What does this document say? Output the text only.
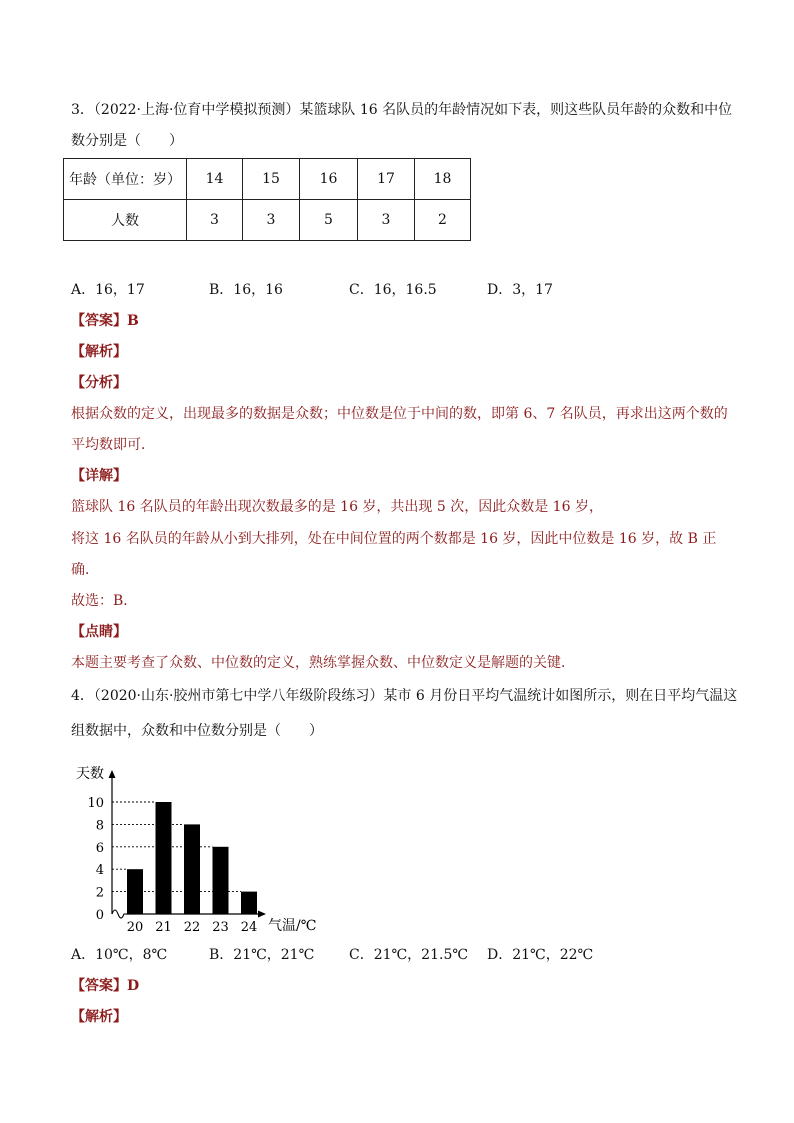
3．（2022·上海·位育中学模拟预测）某篮球队 16 名队员的年龄情况如下表，则这些队员年龄的众数和中位
数分别是（　　）
年龄（单位：岁）	14	15	16	17	18
人数	3	3	5	3	2
A．16，17	B．16，16	C．16，16.5	D．3，17
【答案】B
【解析】
【分析】
根据众数的定义，出现最多的数据是众数；中位数是位于中间的数，即第 6、7 名队员，再求出这两个数的
平均数即可．
【详解】
篮球队 16 名队员的年龄出现次数最多的是 16 岁，共出现 5 次，因此众数是 16 岁，
将这 16 名队员的年龄从小到大排列，处在中间位置的两个数都是 16 岁，因此中位数是 16 岁，故 B 正
确．
故选：B．
【点睛】
本题主要考查了众数、中位数的定义，熟练掌握众数、中位数定义是解题的关键．
4．（2020·山东·胶州市第七中学八年级阶段练习）某市 6 月份日平均气温统计如图所示，则在日平均气温这
组数据中，众数和中位数分别是（　　）
0
2
4
6
8
10
20 21 22 23 24
天数
气温/℃
A．10℃，8℃	B．21℃，21℃ C．21℃，21.5℃ D．21℃，22℃
【答案】D
【解析】
